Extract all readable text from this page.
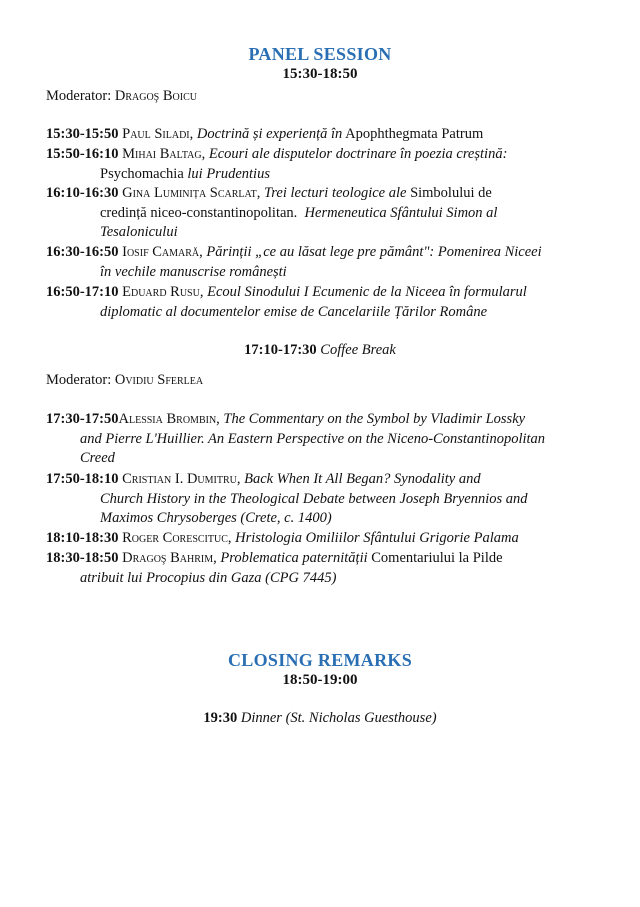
PANEL SESSION
15:30-18:50
Moderator: Dragoş Boicu
15:30-15:50 Paul Siladi, Doctrină și experiență în Apophthegmata Patrum
15:50-16:10 Mihai Baltag, Ecouri ale disputelor doctrinare în poezia creștină:
Psychomachia lui Prudentius
16:10-16:30 Gina Luminița Scarlat, Trei lecturi teologice ale Simbolului de
credință niceo-constantinopolitan. Hermeneutica Sfântului Simon al
Tesalonicului
16:30-16:50 Iosif Camară, Părinții „ce au lăsat lege pre pământ": Pomenirea Niceei
în vechile manuscrise românești
16:50-17:10 Eduard Rusu, Ecoul Sinodului I Ecumenic de la Niceea în formularul
diplomatic al documentelor emise de Cancelariile Țărilor Române
17:10-17:30 Coffee Break
Moderator: Ovidiu Sferlea
17:30-17:50Alessia Brombin, The Commentary on the Symbol by Vladimir Lossky
and Pierre L'Huillier. An Eastern Perspective on the Niceno-Constantinopolitan
Creed
17:50-18:10 Cristian I. Dumitru, Back When It All Began? Synodality and
Church History in the Theological Debate between Joseph Bryennios and
Maximos Chrysoberges (Crete, c. 1400)
18:10-18:30 Roger Corescituc, Hristologia Omiliilor Sfântului Grigorie Palama
18:30-18:50 Dragoş Bahrim, Problematica paternității Comentariului la Pilde
atribuit lui Procopius din Gaza (CPG 7445)
CLOSING REMARKS
18:50-19:00
19:30 Dinner (St. Nicholas Guesthouse)
